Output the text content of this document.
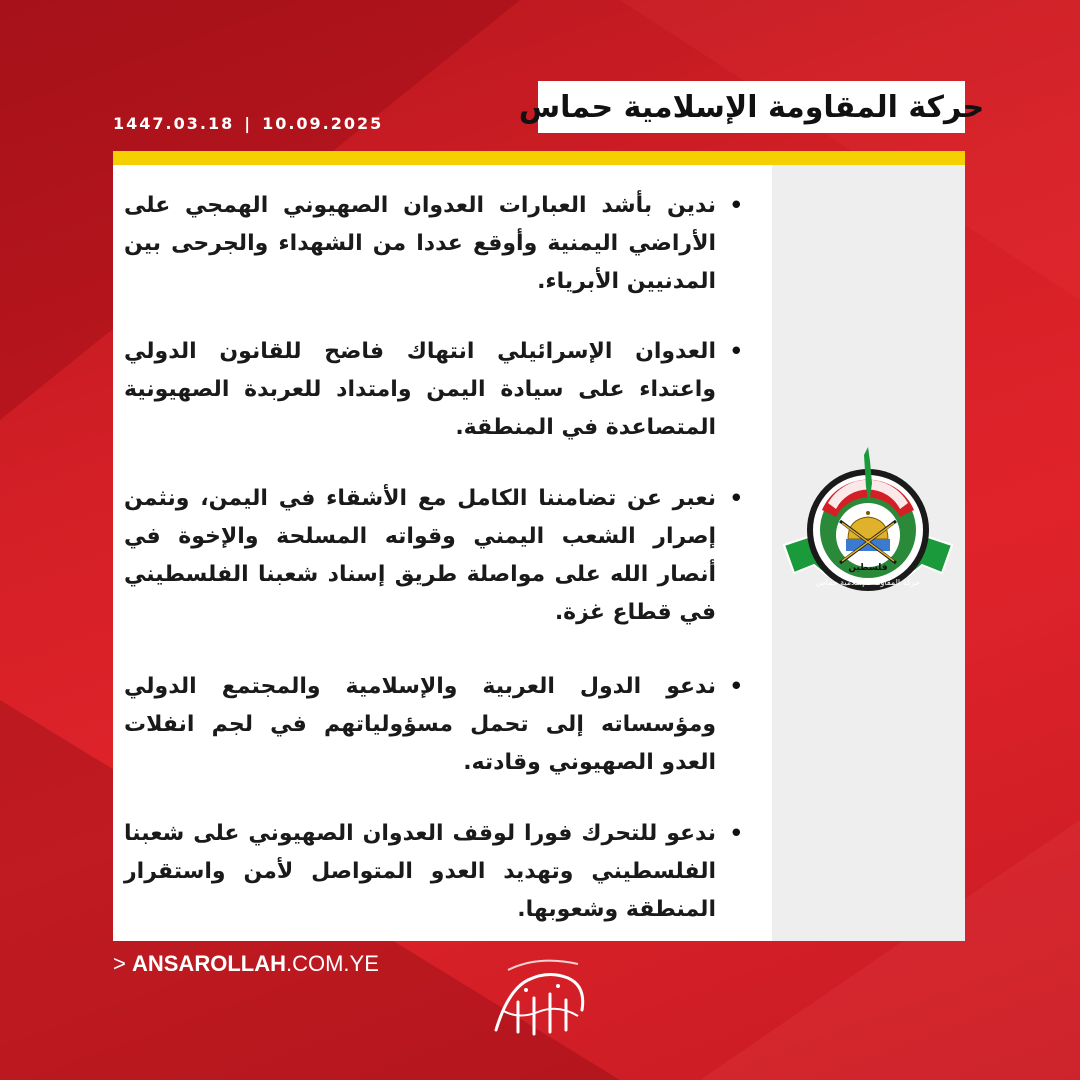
حركة المقاومة الإسلامية حماس
1447.03.18 | 10.09.2025
•
ندين بأشد العبارات العدوان الصهيوني الهمجي على الأراضي اليمنية وأوقع عددا من الشهداء والجرحى بين المدنيين الأبرياء.
•
العدوان الإسرائيلي انتهاك فاضح للقانون الدولي واعتداء على سيادة اليمن وامتداد للعربدة الصهيونية المتصاعدة في المنطقة.
•
نعبر عن تضامننا الكامل مع الأشقاء في اليمن، ونثمن إصرار الشعب اليمني وقواته المسلحة والإخوة في أنصار الله على مواصلة طريق إسناد شعبنا الفلسطيني في قطاع غزة.
•
ندعو الدول العربية والإسلامية والمجتمع الدولي ومؤسساته إلى تحمل مسؤولياتهم في لجم انفلات العدو الصهيوني وقادته.
•
ندعو للتحرك فورا لوقف العدوان الصهيوني على شعبنا الفلسطيني وتهديد العدو المتواصل لأمن واستقرار المنطقة وشعوبها.
فلسطين
حركة المقاومة الإسلامية حماس
> ANSAROLLAH.COM.YE
